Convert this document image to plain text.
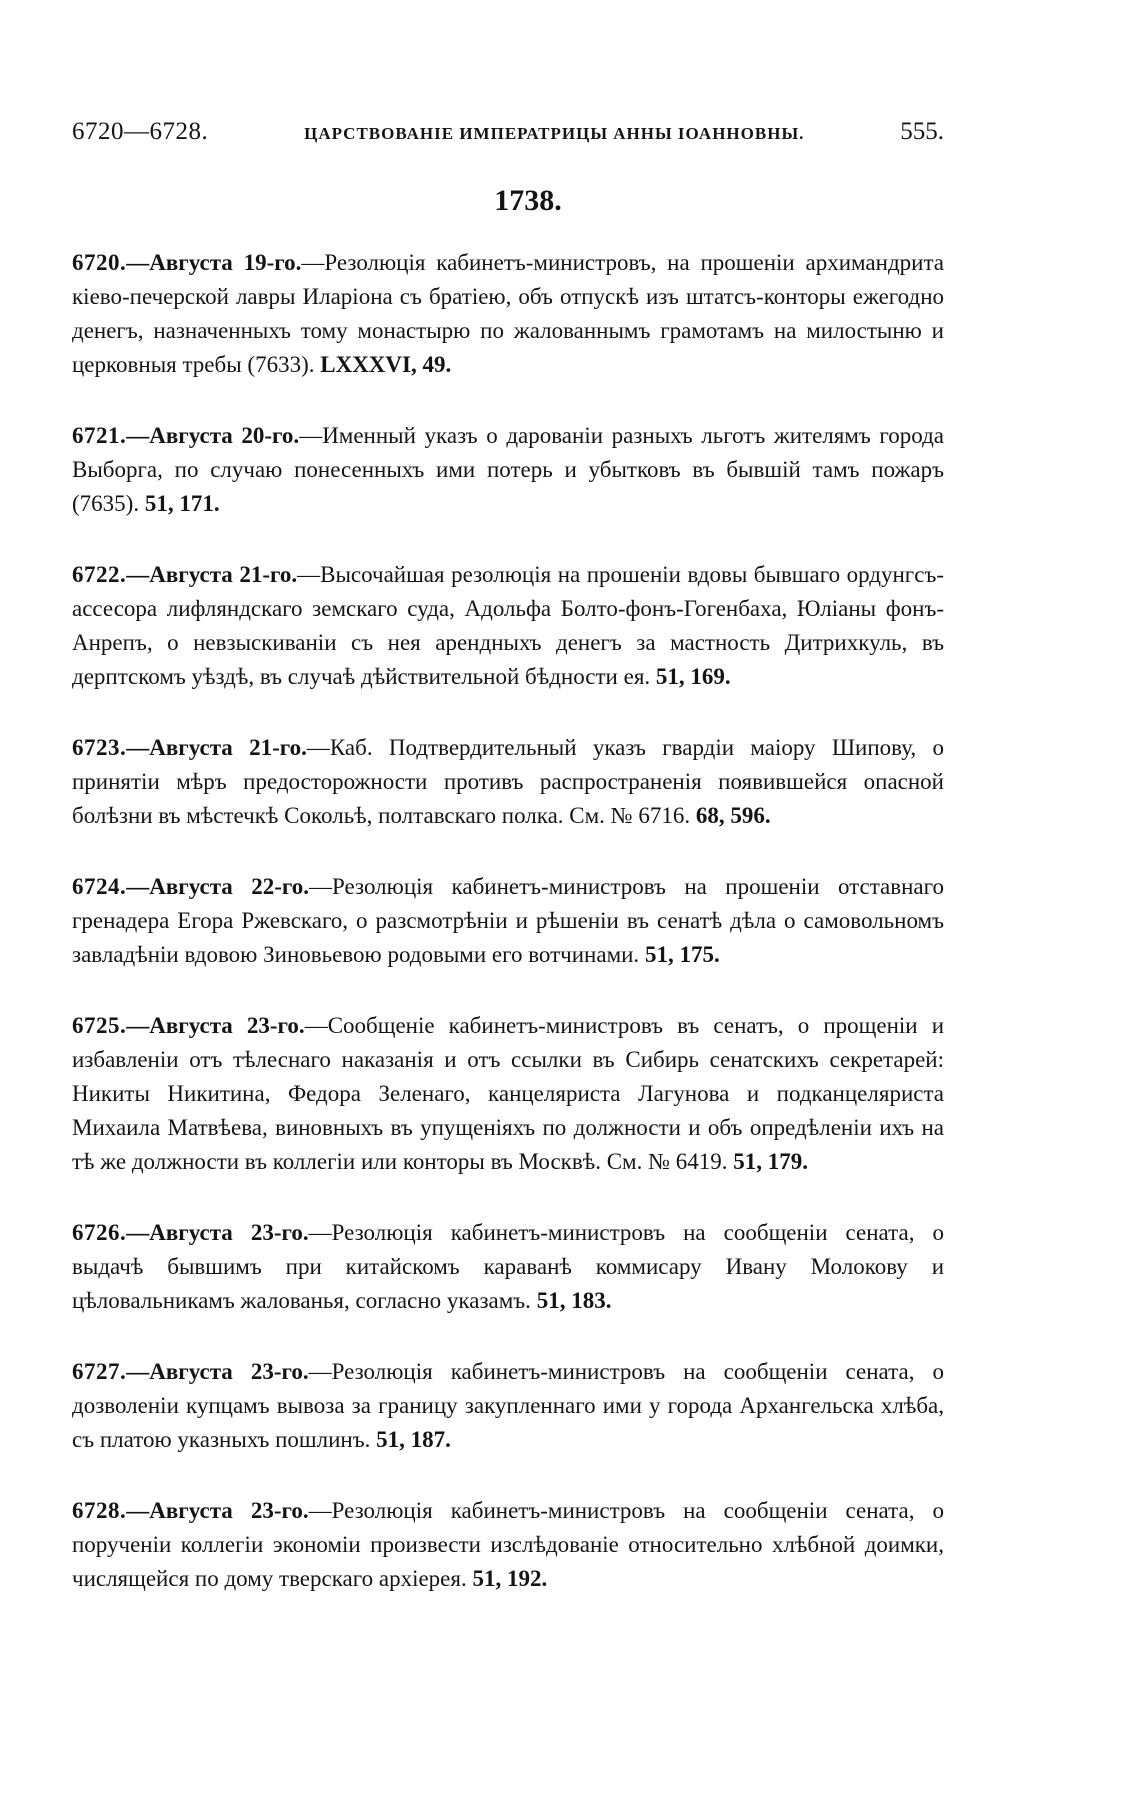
6720—6728.	ЦАРСТВОВАНІЕ ИМПЕРАТРИЦЫ АННЫ ІОАННОВНЫ.	555.
1738.
6720.—Августа 19-го.—Резолюція кабинетъ-министровъ, на прошеніи архимандрита кіево-печерской лавры Иларіона съ братіею, объ отпускѣ изъ штатсъ-конторы ежегодно денегъ, назначенныхъ тому монастырю по жалованнымъ грамотамъ на милостыню и церковныя требы (7633). LXXXVI, 49.
6721.—Августа 20-го.—Именный указъ о дарованіи разныхъ льготъ жителямъ города Выборга, по случаю понесенныхъ ими потерь и убытковъ въ бывшій тамъ пожаръ (7635). 51, 171.
6722.—Августа 21-го.—Высочайшая резолюція на прошеніи вдовы бывшаго ордунгсъ-ассесора лифляндскаго земскаго суда, Адольфа Болто-фонъ-Гогенбаха, Юліаны фонъ-Анрепъ, о невзыскиваніи съ нея арендныхъ денегъ за мастность Дитрихкуль, въ дерптскомъ уѣздѣ, въ случаѣ дѣйствительной бѣдности ея. 51, 169.
6723.—Августа 21-го.—Каб. Подтвердительный указъ гвардіи маіору Шипову, о принятіи мѣръ предосторожности противъ распространенія появившейся опасной болѣзни въ мѣстечкѣ Сокольѣ, полтавскаго полка. См. № 6716. 68, 596.
6724.—Августа 22-го.—Резолюція кабинетъ-министровъ на прошеніи отставнаго гренадера Егора Ржевскаго, о разсмотрѣніи и рѣшеніи въ сенатѣ дѣла о самовольномъ завладѣніи вдовою Зиновьевою родовыми его вотчинами. 51, 175.
6725.—Августа 23-го.—Сообщеніе кабинетъ-министровъ въ сенатъ, о прощеніи и избавленіи отъ тѣлеснаго наказанія и отъ ссылки въ Сибирь сенатскихъ секретарей: Никиты Никитина, Федора Зеленаго, канцеляриста Лагунова и подканцеляриста Михаила Матвѣева, виновныхъ въ упущеніяхъ по должности и объ опредѣленіи ихъ на тѣ же должности въ коллегіи или конторы въ Москвѣ. См. № 6419. 51, 179.
6726.—Августа 23-го.—Резолюція кабинетъ-министровъ на сообщеніи сената, о выдачѣ бывшимъ при китайскомъ караванѣ коммисару Ивану Молокову и цѣловальникамъ жалованья, согласно указамъ. 51, 183.
6727.—Августа 23-го.—Резолюція кабинетъ-министровъ на сообщеніи сената, о дозволеніи купцамъ вывоза за границу закупленнаго ими у города Архангельска хлѣба, съ платою указныхъ пошлинъ. 51, 187.
6728.—Августа 23-го.—Резолюція кабинетъ-министровъ на сообщеніи сената, о порученіи коллегіи экономіи произвести изслѣдованіе относительно хлѣбной доимки, числящейся по дому тверскаго архіерея. 51, 192.
